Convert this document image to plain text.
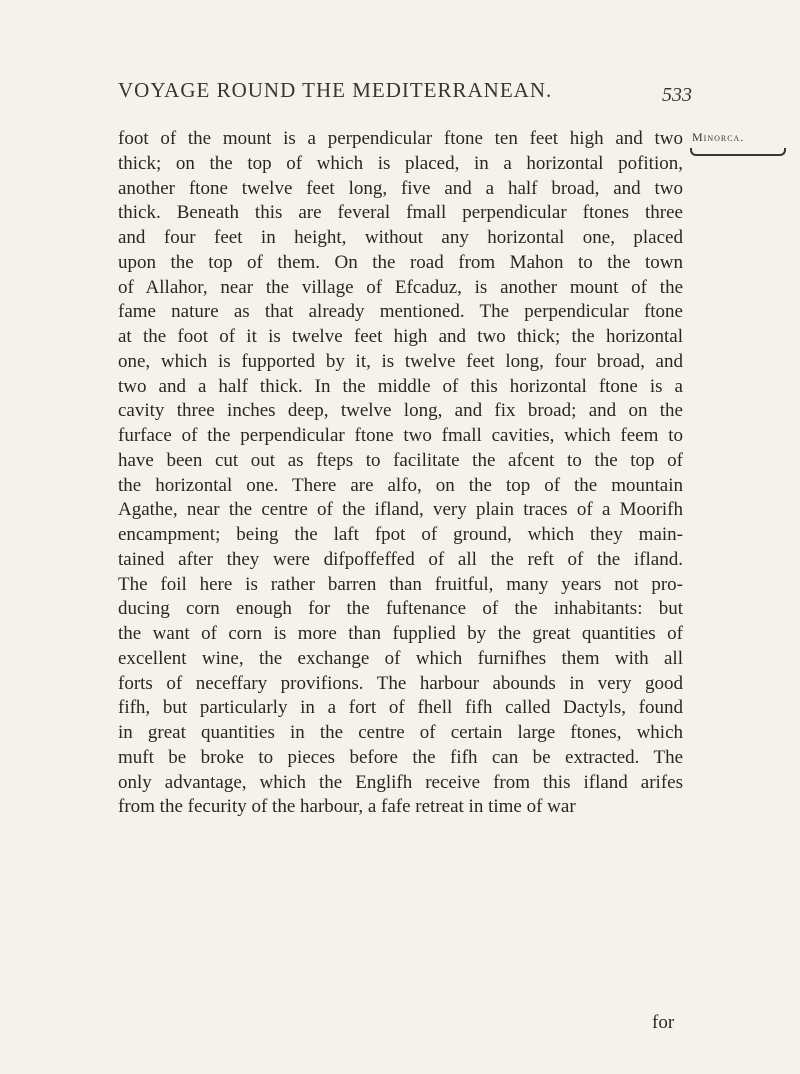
VOYAGE ROUND THE MEDITERRANEAN.	533
Minorca.
foot of the mount is a perpendicular ftone ten feet high and two
thick; on the top of which is placed, in a horizontal pofition,
another ftone twelve feet long, five and a half broad, and two
thick. Beneath this are feveral fmall perpendicular ftones three
and four feet in height, without any horizontal one, placed
upon the top of them. On the road from Mahon to the town
of Allahor, near the village of Efcaduz, is another mount of the
fame nature as that already mentioned. The perpendicular ftone
at the foot of it is twelve feet high and two thick; the horizontal
one, which is fupported by it, is twelve feet long, four broad, and
two and a half thick. In the middle of this horizontal ftone is a
cavity three inches deep, twelve long, and fix broad; and on the
furface of the perpendicular ftone two fmall cavities, which feem to
have been cut out as fteps to facilitate the afcent to the top of
the horizontal one. There are alfo, on the top of the mountain
Agathe, near the centre of the ifland, very plain traces of a Moorifh
encampment; being the laft fpot of ground, which they main-
tained after they were difpoffeffed of all the reft of the ifland.
The foil here is rather barren than fruitful, many years not pro-
ducing corn enough for the fuftenance of the inhabitants: but
the want of corn is more than fupplied by the great quantities of
excellent wine, the exchange of which furnifhes them with all
forts of neceffary provifions. The harbour abounds in very good
fifh, but particularly in a fort of fhell fifh called Dactyls, found
in great quantities in the centre of certain large ftones, which
muft be broke to pieces before the fifh can be extracted. The
only advantage, which the Englifh receive from this ifland arifes
from the fecurity of the harbour, a fafe retreat in time of war
for
